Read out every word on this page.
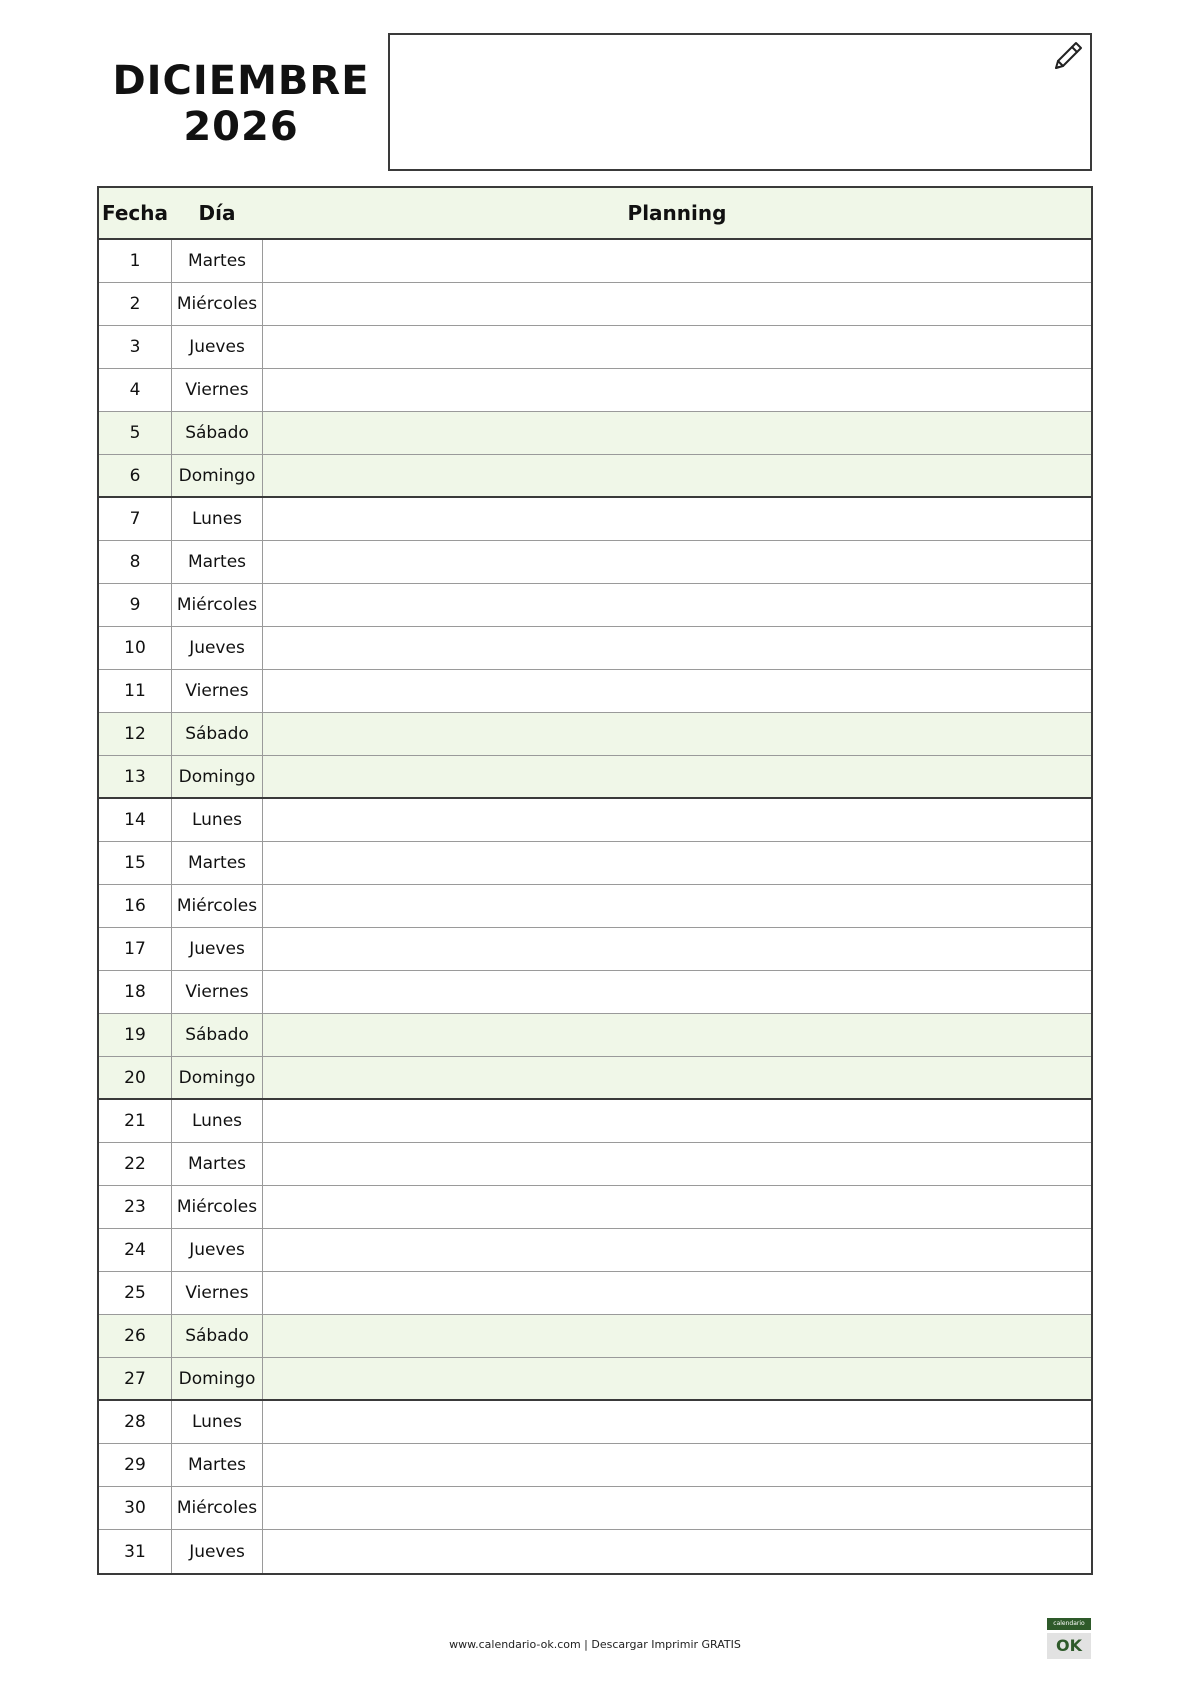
DICIEMBRE
2026
Fecha	Día	Planning
1	Martes
2	Miércoles
3	Jueves
4	Viernes
5	Sábado
6	Domingo
7	Lunes
8	Martes
9	Miércoles
10	Jueves
11	Viernes
12	Sábado
13	Domingo
14	Lunes
15	Martes
16	Miércoles
17	Jueves
18	Viernes
19	Sábado
20	Domingo
21	Lunes
22	Martes
23	Miércoles
24	Jueves
25	Viernes
26	Sábado
27	Domingo
28	Lunes
29	Martes
30	Miércoles
31	Jueves
www.calendario-ok.com | Descargar Imprimir GRATIS
calendario
OK
